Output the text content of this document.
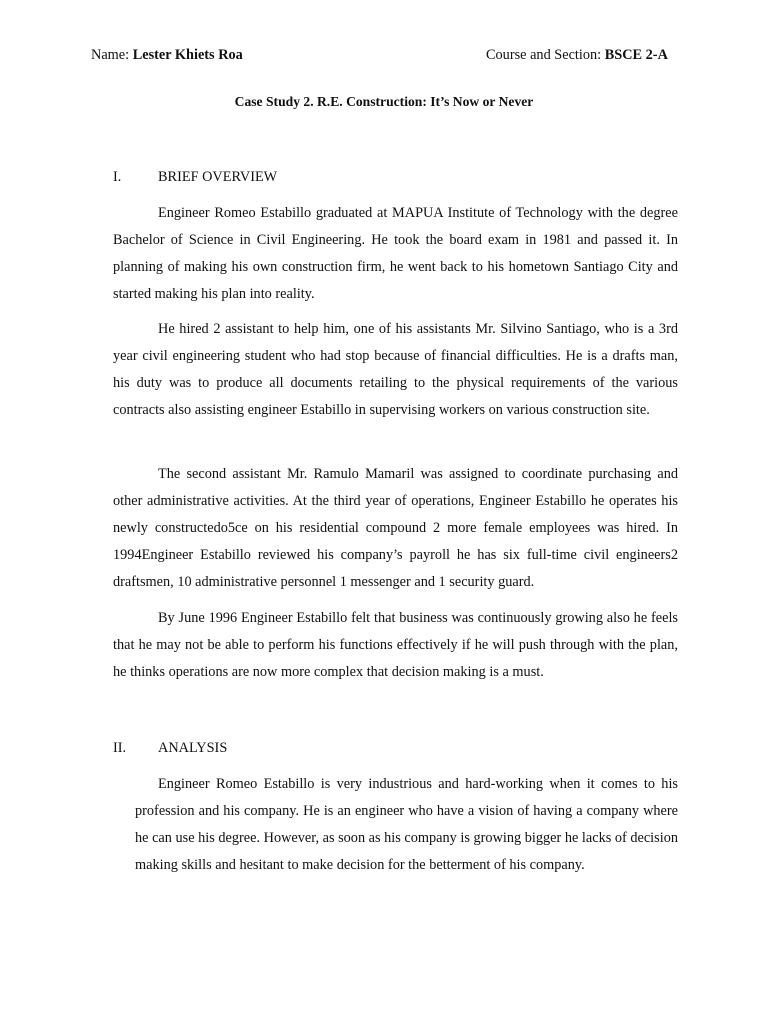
Name: Lester Khiets Roa	Course and Section: BSCE 2-A
Case Study 2. R.E. Construction: It’s Now or Never
I.	BRIEF OVERVIEW

Engineer Romeo Estabillo graduated at MAPUA Institute of Technology with the degree Bachelor of Science in Civil Engineering. He took the board exam in 1981 and passed it. In planning of making his own construction firm, he went back to his hometown Santiago City and started making his plan into reality.

He hired 2 assistant to help him, one of his assistants Mr. Silvino Santiago, who is a 3rd year civil engineering student who had stop because of financial difficulties. He is a drafts man, his duty was to produce all documents retailing to the physical requirements of the various contracts also assisting engineer Estabillo in supervising workers on various construction site.

The second assistant Mr. Ramulo Mamaril was assigned to coordinate purchasing and other administrative activities. At the third year of operations, Engineer Estabillo he operates his newly constructedo5ce on his residential compound 2 more female employees was hired. In 1994Engineer Estabillo reviewed his company’s payroll he has six full-time civil engineers2 draftsmen, 10 administrative personnel 1 messenger and 1 security guard.

By June 1996 Engineer Estabillo felt that business was continuously growing also he feels that he may not be able to perform his functions effectively if he will push through with the plan, he thinks operations are now more complex that decision making is a must.

II. ANALYSIS

Engineer Romeo Estabillo is very industrious and hard-working when it comes to his profession and his company. He is an engineer who have a vision of having a company where he can use his degree. However, as soon as his company is growing bigger he lacks of decision making skills and hesitant to make decision for the betterment of his company.
